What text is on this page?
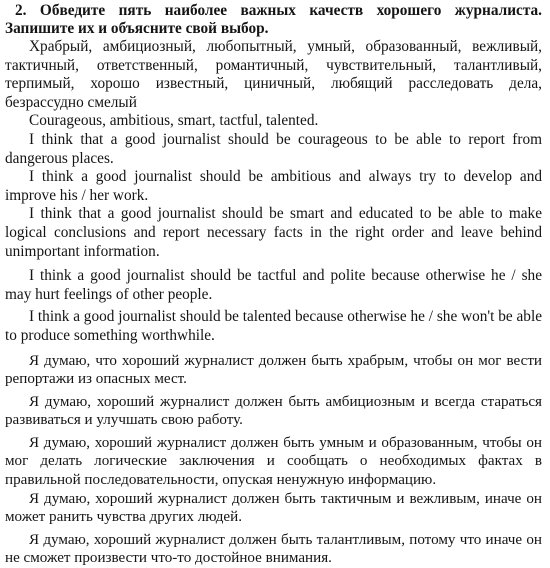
2. Обведите пять наиболее важных качеств хорошего журналиста. Запишите их и объясните свой выбор.

Храбрый, амбициозный, любопытный, умный, образованный, вежливый, тактичный, ответственный, романтичный, чувствительный, талантливый, терпимый, хорошо известный, циничный, любящий расследовать дела, безрассудно смелый

Courageous, ambitious, smart, tactful, talented.

I think that a good journalist should be courageous to be able to report from dangerous places.

I think a good journalist should be ambitious and always try to develop and improve his / her work.

I think that a good journalist should be smart and educated to be able to make logical conclusions and report necessary facts in the right order and leave behind unimportant information.

I think a good journalist should be tactful and polite because otherwise he / she may hurt feelings of other people.

I think a good journalist should be talented because otherwise he / she won't be able to produce something worthwhile.

Я думаю, что хороший журналист должен быть храбрым, чтобы он мог вести репортажи из опасных мест.

Я думаю, хороший журналист должен быть амбициозным и всегда стараться развиваться и улучшать свою работу.

Я думаю, хороший журналист должен быть умным и образованным, чтобы он мог делать логические заключения и сообщать о необходимых фактах в правильной последовательности, опуская ненужную информацию.

Я думаю, хороший журналист должен быть тактичным и вежливым, иначе он может ранить чувства других людей.

Я думаю, хороший журналист должен быть талантливым, потому что иначе он не сможет произвести что-то достойное внимания.
